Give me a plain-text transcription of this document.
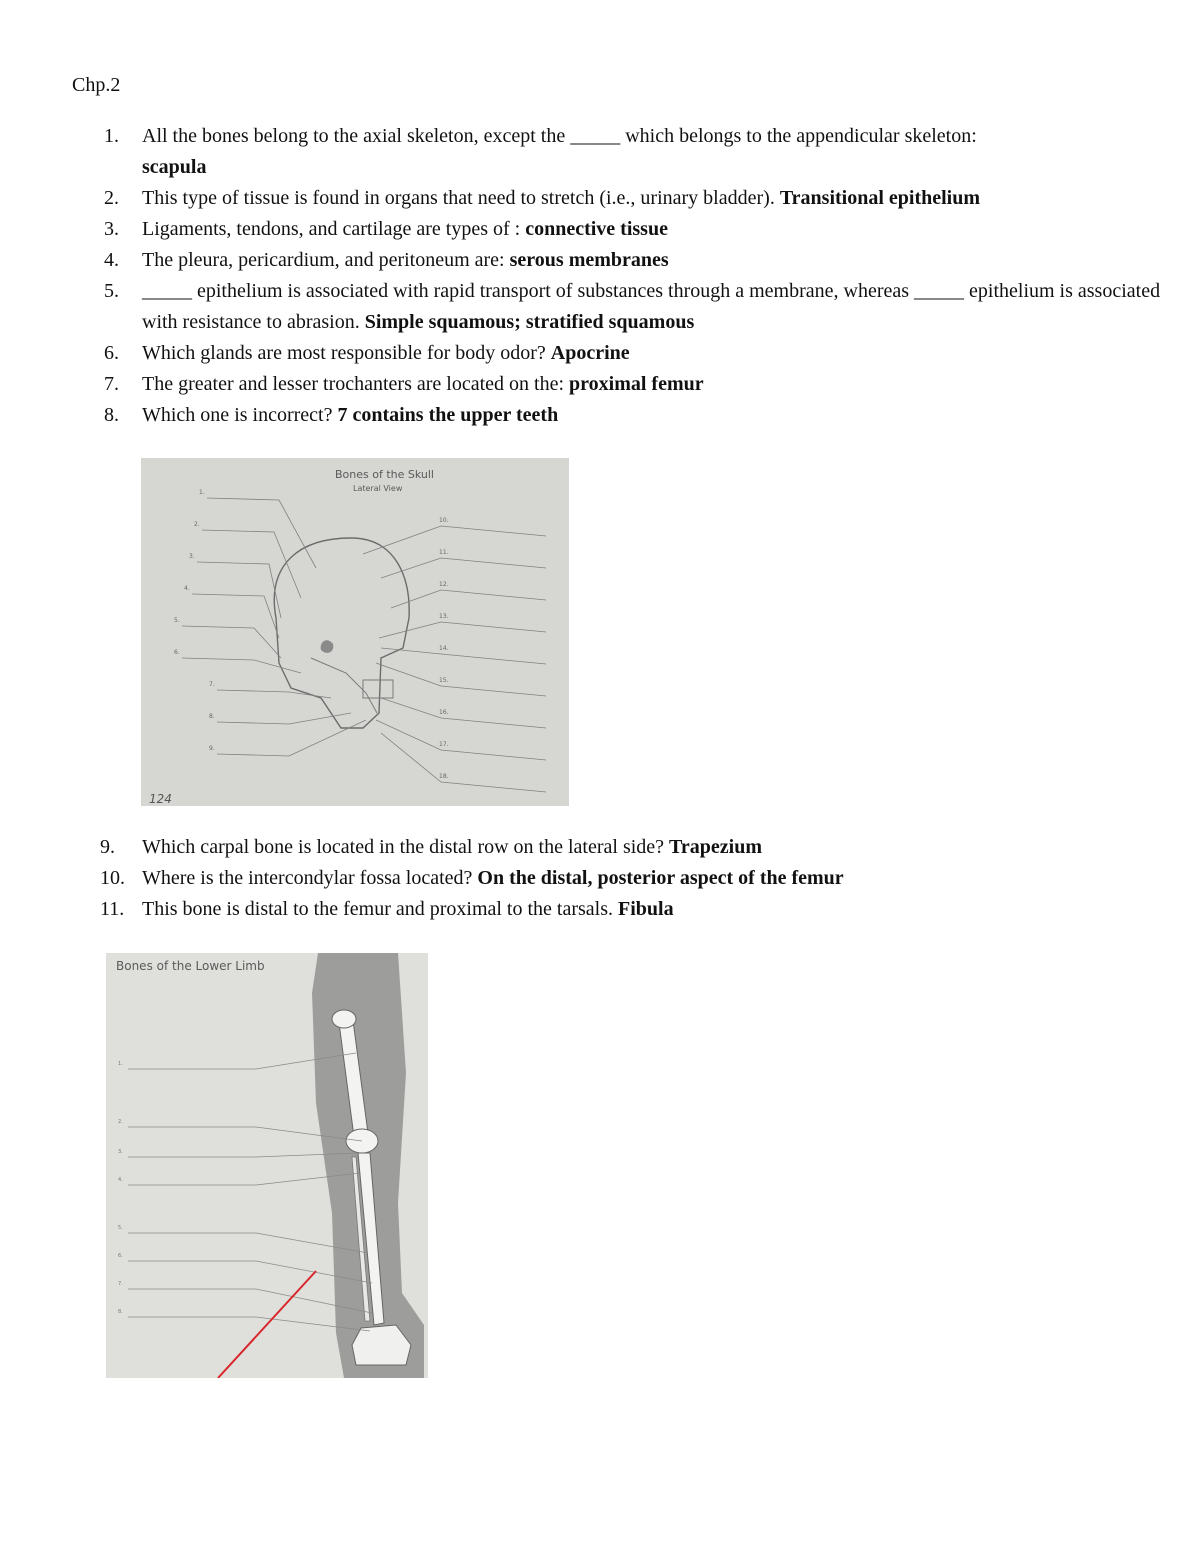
Chp.2
1.	All the bones belong to the axial skeleton, except the _____ which belongs to the appendicular skeleton:
scapula
2.	This type of tissue is found in organs that need to stretch (i.e., urinary bladder). Transitional epithelium
3.	Ligaments, tendons, and cartilage are types of : connective tissue
4.	The pleura, pericardium, and peritoneum are: serous membranes
5.	_____ epithelium is associated with rapid transport of substances through a membrane, whereas _____ epithelium is associated with resistance to abrasion. Simple squamous; stratified squamous
6.	Which glands are most responsible for body odor? Apocrine
7.	The greater and lesser trochanters are located on the: proximal femur
8.	Which one is incorrect? 7 contains the upper teeth
Bones of the Skull
Lateral View
1.
2.
3.
4.
5.
6.
7.
8.
9.
10.
11.
12.
13.
14.
15.
16.
17.
18.
124
9.	Which carpal bone is located in the distal row on the lateral side? Trapezium
10. Where is the intercondylar fossa located? On the distal, posterior aspect of the femur
11. This bone is distal to the femur and proximal to the tarsals. Fibula
Bones of the Lower Limb
1.
2.
3.
4.
5.
6.
7.
8.
